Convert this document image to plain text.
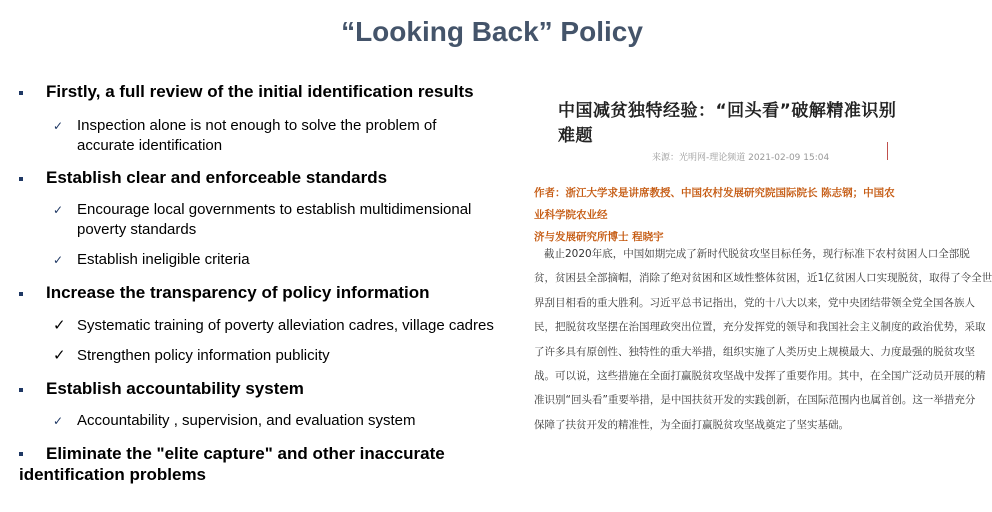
“Looking Back” Policy
Firstly, a full review of the initial identification results
✓ Inspection alone is not enough to solve the problem of
accurate identification
Establish clear and enforceable standards
✓ Encourage local governments to establish multidimensional
poverty standards
✓ Establish ineligible criteria
Increase the transparency of policy information
✓ Systematic training of poverty alleviation cadres, village cadres
✓ Strengthen policy information publicity
Establish accountability system
✓ Accountability , supervision, and evaluation system
Eliminate the "elite capture" and other inaccurate
identification problems
中国减贫独特经验：“回头看”破解精准识别难题
来源：光明网-理论频道 2021-02-09 15:04
作者：浙江大学求是讲席教授、中国农村发展研究院国际院长 陈志钢；中国农业科学院农业经
济与发展研究所博士 程晓宇
截止2020年底，中国如期完成了新时代脱贫攻坚目标任务，现行标准下农村贫困人口全部脱
贫，贫困县全部摘帽，消除了绝对贫困和区域性整体贫困，近1亿贫困人口实现脱贫，取得了令全世
界刮目相看的重大胜利。习近平总书记指出，党的十八大以来，党中央团结带领全党全国各族人
民，把脱贫攻坚摆在治国理政突出位置，充分发挥党的领导和我国社会主义制度的政治优势，采取
了许多具有原创性、独特性的重大举措，组织实施了人类历史上规模最大、力度最强的脱贫攻坚
战。可以说，这些措施在全面打赢脱贫攻坚战中发挥了重要作用。其中，在全国广泛动员开展的精
准识别“回头看”重要举措，是中国扶贫开发的实践创新，在国际范围内也属首创。这一举措充分
保障了扶贫开发的精准性，为全面打赢脱贫攻坚战奠定了坚实基础。
